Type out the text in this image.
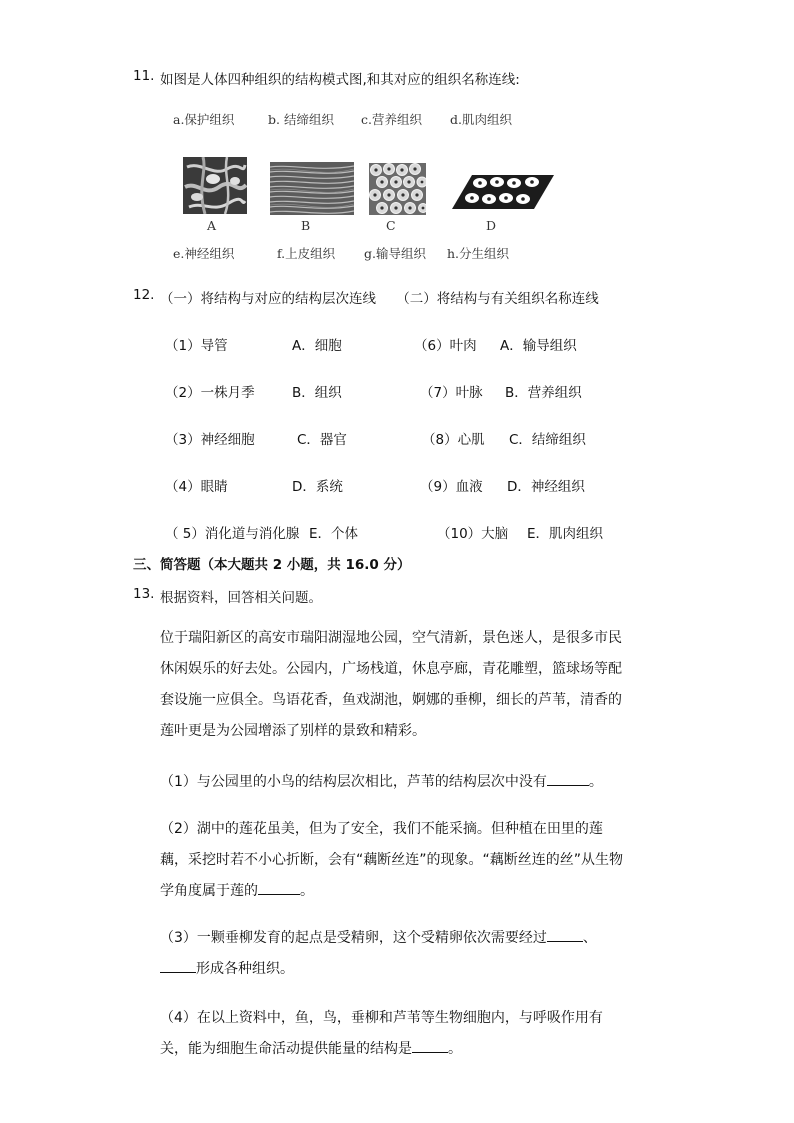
11. 如图是人体四种组织的结构模式图,和其对应的组织名称连线:
a.保护组织	b. 结缔组织 c.营养组织 d.肌肉组织
A	B	C	D
e.神经组织	f.上皮组织 g.输导组织 h.分生组织
12. （一）将结构与对应的结构层次连线　　（二）将结构与有关组织名称连线
（1）导管	A．细胞	（6）叶肉 A．输导组织
（2）一株月季	B．组织	（7）叶脉 B．营养组织
（3）神经细胞	C．器官	（8）心肌 C．结缔组织
（4）眼睛	D．系统	（9）血液 D．神经组织
（ 5）消化道与消化腺 E．个体	（10）大脑 E．肌肉组织
三、简答题（本大题共 2 小题，共 16.0 分）
13. 根据资料，回答相关问题。
位于瑞阳新区的高安市瑞阳湖湿地公园，空气清新，景色迷人，是很多市民休闲娱乐的好去处。公园内，广场栈道，休息亭廊，青花雕塑，篮球场等配套设施一应俱全。鸟语花香，鱼戏湖池，婀娜的垂柳，细长的芦苇，清香的莲叶更是为公园增添了别样的景致和精彩。
（1）与公园里的小鸟的结构层次相比，芦苇的结构层次中没有	。
（2）湖中的莲花虽美，但为了安全，我们不能采摘。但种植在田里的莲藕，采挖时若不小心折断，会有“藕断丝连”的现象。“藕断丝连的丝”从生物学角度属于莲的	。
（3）一颗垂柳发育的起点是受精卵，这个受精卵依次需要经过	、形成各种组织。
（4）在以上资料中，鱼，鸟，垂柳和芦苇等生物细胞内，与呼吸作用有关，能为细胞生命活动提供能量的结构是	。
